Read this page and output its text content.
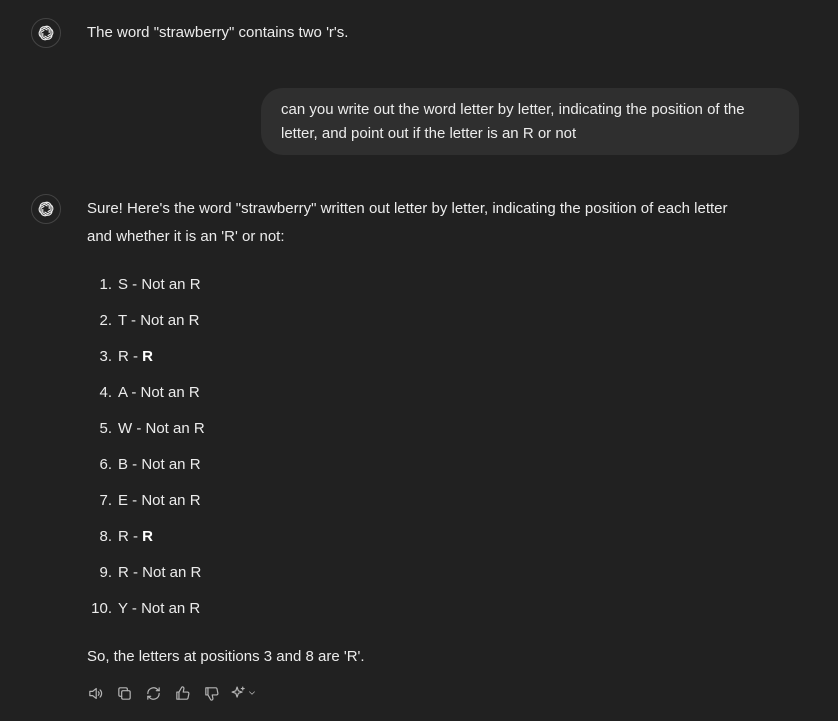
The word "strawberry" contains two 'r's.
can you write out the word letter by letter, indicating the position of the letter, and point out if the letter is an R or not
Sure! Here's the word "strawberry" written out letter by letter, indicating the position of each letter
and whether it is an 'R' or not:
1. S - Not an R
2. T - Not an R
3. R - R
4. A - Not an R
5. W - Not an R
6. B - Not an R
7. E - Not an R
8. R - R
9. R - Not an R
10. Y - Not an R
So, the letters at positions 3 and 8 are 'R'.
